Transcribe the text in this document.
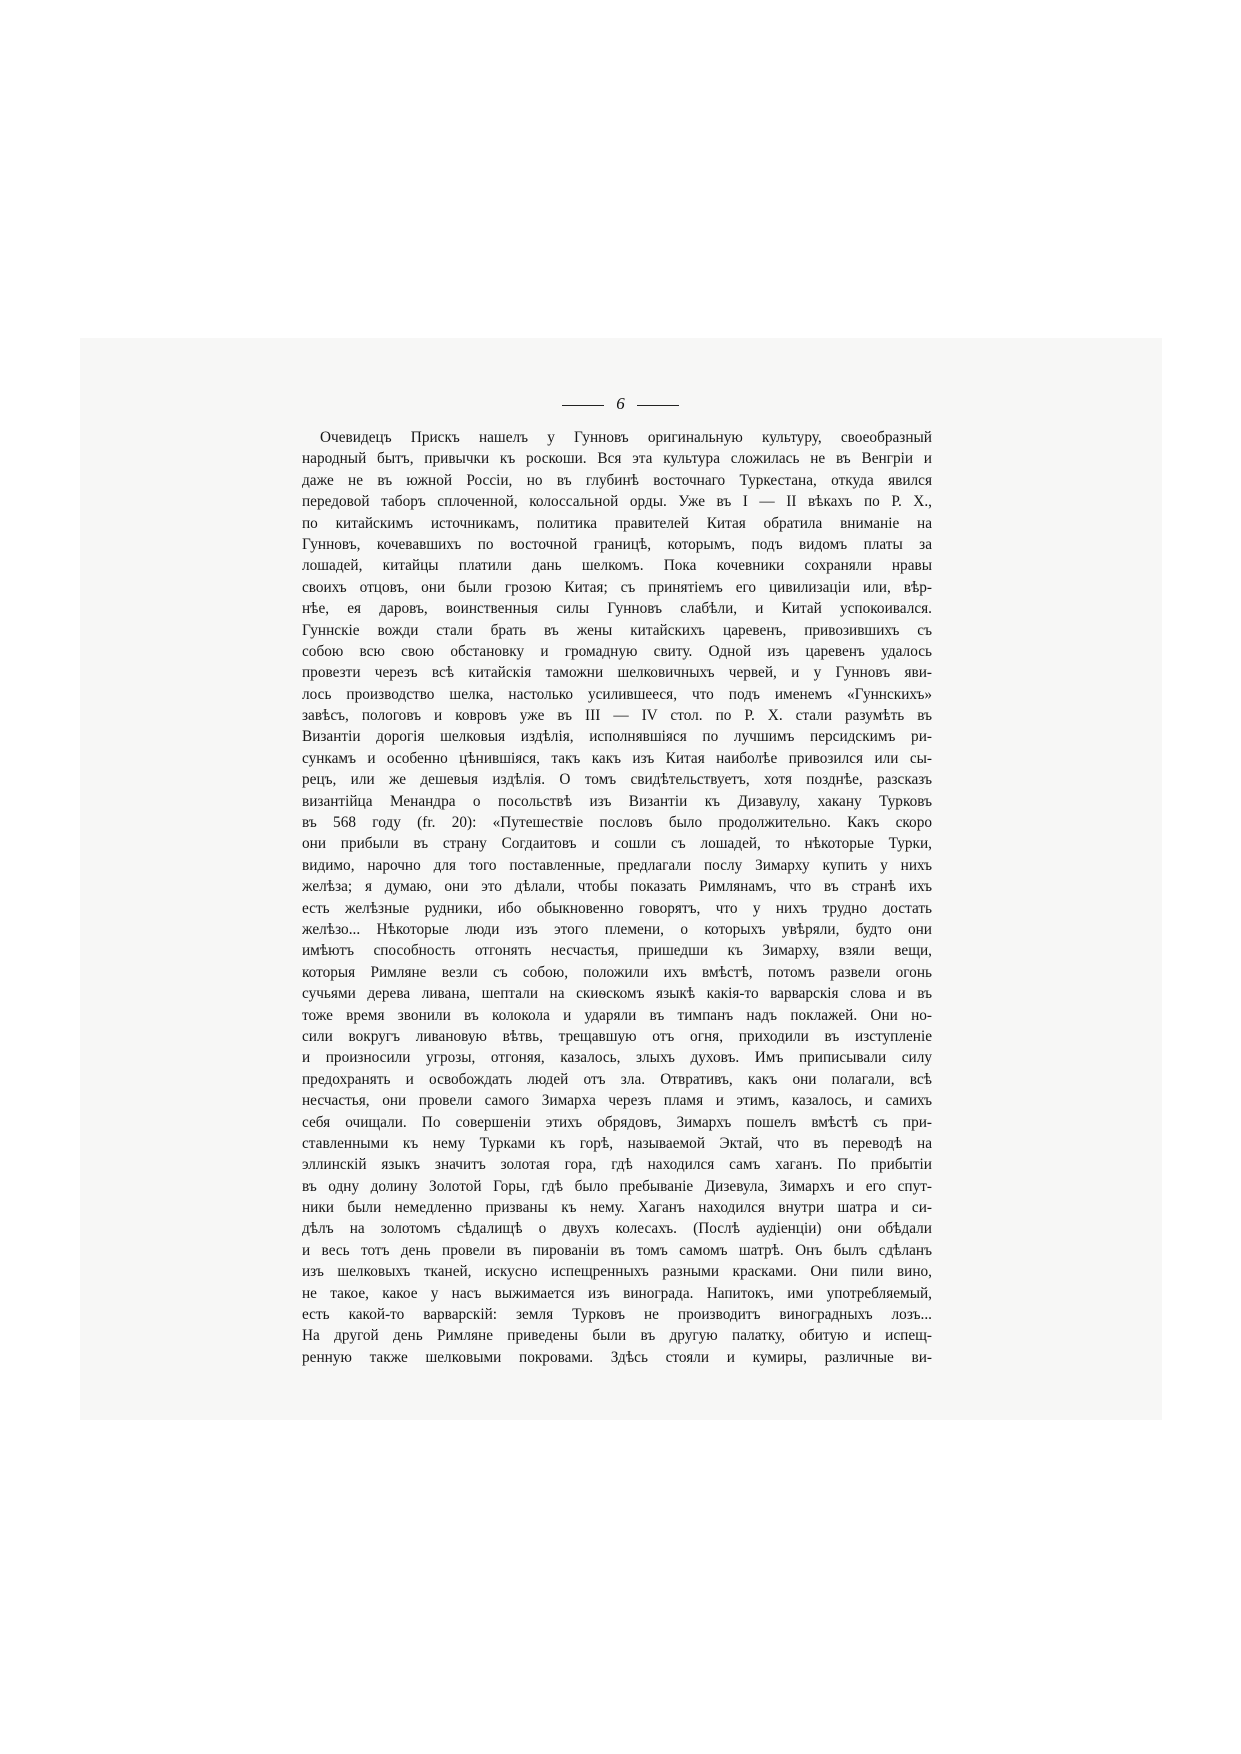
6
Очевидецъ Прискъ нашелъ у Гунновъ оригинальную культуру, своеобразный
народный бытъ, привычки къ роскоши. Вся эта культура сложилась не въ Венгріи и
даже не въ южной Россіи, но въ глубинѣ восточнаго Туркестана, откуда явился
передовой таборъ сплоченной, колоссальной орды. Уже въ I — II вѣкахъ по Р. X.,
по китайскимъ источникамъ, политика правителей Китая обратила вниманіе на
Гунновъ, кочевавшихъ по восточной границѣ, которымъ, подъ видомъ платы за
лошадей, китайцы платили дань шелкомъ. Пока кочевники сохраняли нравы
своихъ отцовъ, они были грозою Китая; съ принятіемъ его цивилизаціи или, вѣр-
нѣе, ея даровъ, воинственныя силы Гунновъ слабѣли, и Китай успокоивался.
Гуннскіе вожди стали брать въ жены китайскихъ царевенъ, привозившихъ съ
собою всю свою обстановку и громадную свиту. Одной изъ царевенъ удалось
провезти черезъ всѣ китайскія таможни шелковичныхъ червей, и у Гунновъ яви-
лось производство шелка, настолько усилившееся, что подъ именемъ «Гуннскихъ»
завѣсъ, пологовъ и ковровъ уже въ III — IV стол. по Р. X. стали разумѣть въ
Византіи дорогія шелковыя издѣлія, исполнявшіяся по лучшимъ персидскимъ ри-
сункамъ и особенно цѣнившіяся, такъ какъ изъ Китая наиболѣе привозился или сы-
рецъ, или же дешевыя издѣлія. О томъ свидѣтельствуетъ, хотя позднѣе, разсказъ
византійца Менандра о посольствѣ изъ Византіи къ Дизавулу, хакану Турковъ
въ 568 году (fr. 20): «Путешествіе пословъ было продолжительно. Какъ скоро
они прибыли въ страну Согдаитовъ и сошли съ лошадей, то нѣкоторые Турки,
видимо, нарочно для того поставленные, предлагали послу Зимарху купить у нихъ
желѣза; я думаю, они это дѣлали, чтобы показать Римлянамъ, что въ странѣ ихъ
есть желѣзные рудники, ибо обыкновенно говорятъ, что у нихъ трудно достать
желѣзо... Нѣкоторые люди изъ этого племени, о которыхъ увѣряли, будто они
имѣютъ способность отгонять несчастья, пришедши къ Зимарху, взяли вещи,
которыя Римляне везли съ собою, положили ихъ вмѣстѣ, потомъ развели огонь
сучьями дерева ливана, шептали на скиѳскомъ языкѣ какія-то варварскія слова и въ
тоже время звонили въ колокола и ударяли въ тимпанъ надъ поклажей. Они но-
сили вокругъ ливановую вѣтвь, трещавшую отъ огня, приходили въ изступленіе
и произносили угрозы, отгоняя, казалось, злыхъ духовъ. Имъ приписывали силу
предохранять и освобождать людей отъ зла. Отвративъ, какъ они полагали, всѣ
несчастья, они провели самого Зимарха черезъ пламя и этимъ, казалось, и самихъ
себя очищали. По совершеніи этихъ обрядовъ, Зимархъ пошелъ вмѣстѣ съ при-
ставленными къ нему Турками къ горѣ, называемой Эктай, что въ переводѣ на
эллинскій языкъ значитъ золотая гора, гдѣ находился самъ хаганъ. По прибытіи
въ одну долину Золотой Горы, гдѣ было пребываніе Дизевула, Зимархъ и его спут-
ники были немедленно призваны къ нему. Хаганъ находился внутри шатра и си-
дѣлъ на золотомъ сѣдалищѣ о двухъ колесахъ. (Послѣ аудіенціи) они обѣдали
и весь тотъ день провели въ пированіи въ томъ самомъ шатрѣ. Онъ былъ сдѣланъ
изъ шелковыхъ тканей, искусно испещренныхъ разными красками. Они пили вино,
не такое, какое у насъ выжимается изъ винограда. Напитокъ, ими употребляемый,
есть какой-то варварскій: земля Турковъ не производитъ виноградныхъ лозъ...
На другой день Римляне приведены были въ другую палатку, обитую и испещ-
ренную также шелковыми покровами. Здѣсь стояли и кумиры, различные ви-
